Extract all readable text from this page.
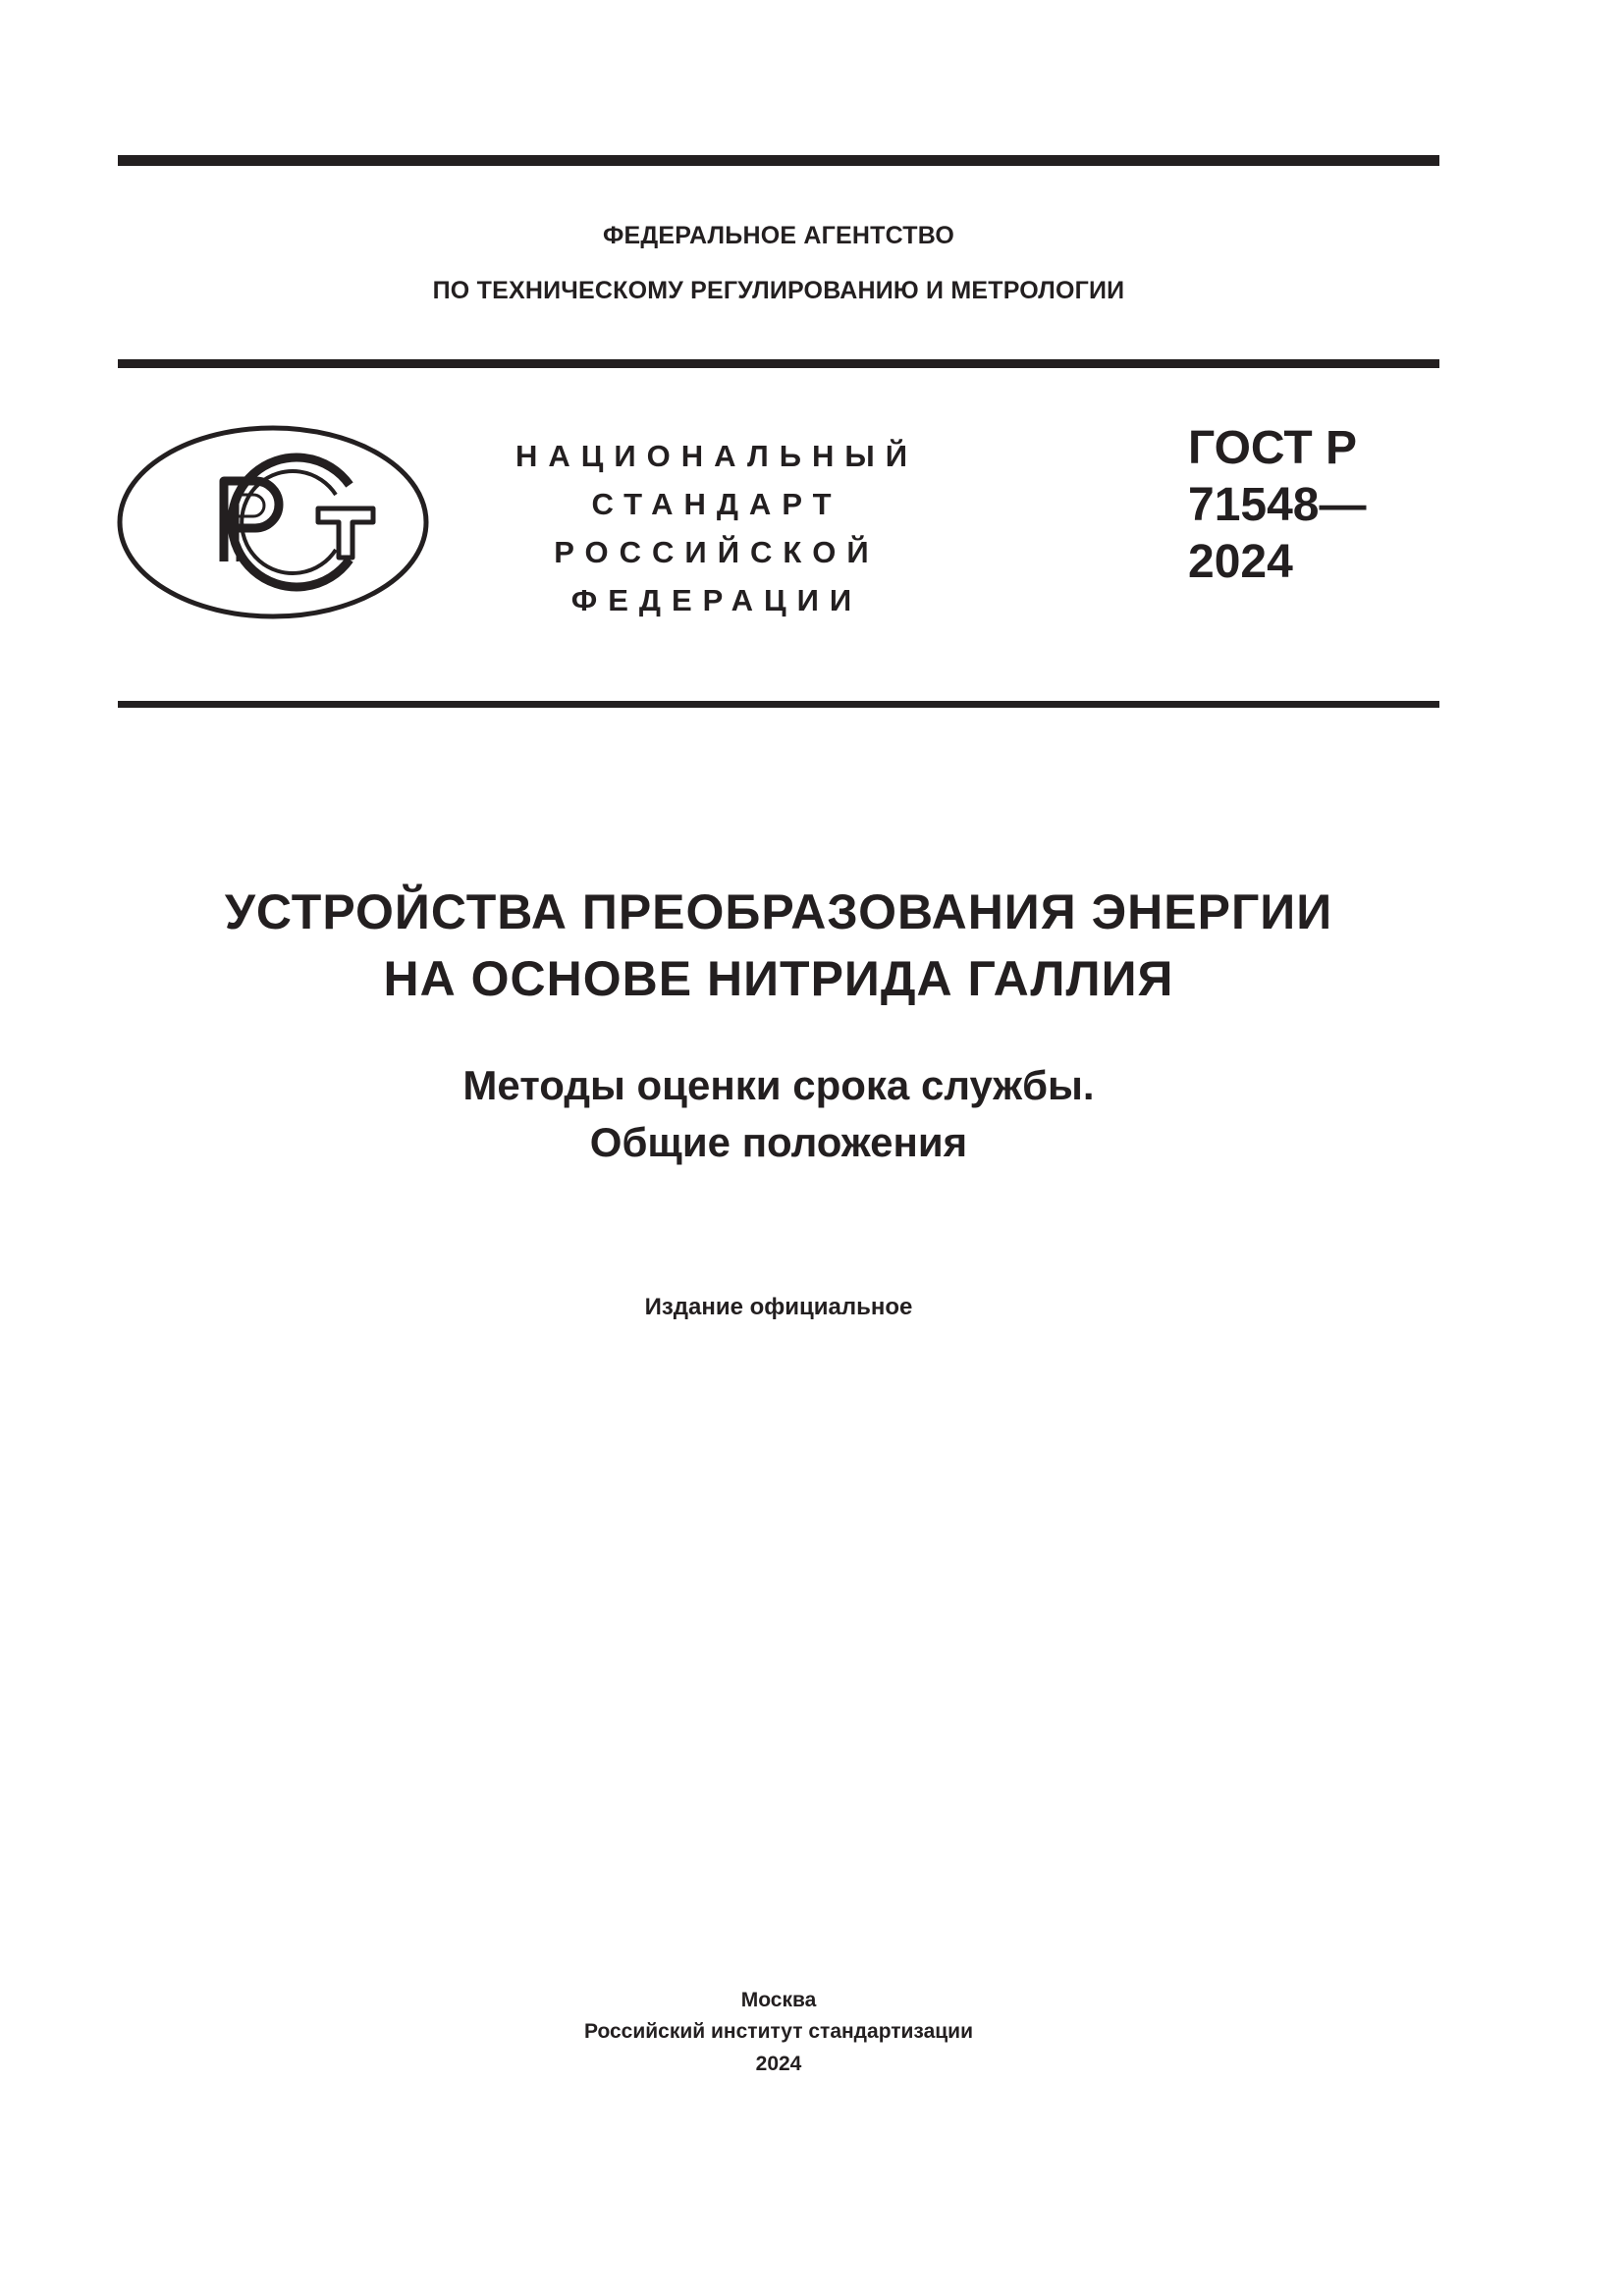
ФЕДЕРАЛЬНОЕ АГЕНТСТВО
ПО ТЕХНИЧЕСКОМУ РЕГУЛИРОВАНИЮ И МЕТРОЛОГИИ
НАЦИОНАЛЬНЫЙ
СТАНДАРТ
РОССИЙСКОЙ
ФЕДЕРАЦИИ
ГОСТ Р
71548—
2024
УСТРОЙСТВА ПРЕОБРАЗОВАНИЯ ЭНЕРГИИ
НА ОСНОВЕ НИТРИДА ГАЛЛИЯ
Методы оценки срока службы.
Общие положения
Издание официальное
Москва
Российский институт стандартизации
2024
